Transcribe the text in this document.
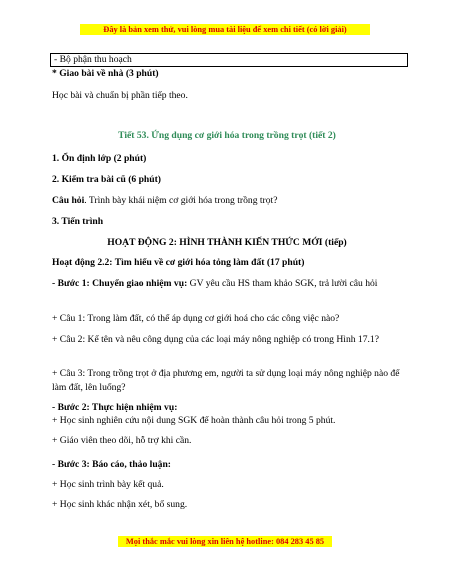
Đây là bản xem thử, vui lòng mua tài liệu để xem chi tiết (có lời giải)
- Bộ phận thu hoạch
* Giao bài về nhà (3 phút)
Học bài và chuẩn bị phần tiếp theo.
Tiết 53. Ứng dụng cơ giới hóa trong trồng trọt (tiết 2)
1. Ổn định lớp (2 phút)
2. Kiểm tra bài cũ (6 phút)
Câu hỏi. Trình bày khái niệm cơ giới hóa trong trồng trọt?
3. Tiến trình
HOẠT ĐỘNG 2: HÌNH THÀNH KIẾN THỨC MỚI (tiếp)
Hoạt động 2.2: Tìm hiểu về cơ giới hóa tỏng làm đất (17 phút)
- Bước 1: Chuyển giao nhiệm vụ: GV yêu cầu HS tham khảo SGK, trả lười câu hỏi
+ Câu 1: Trong làm đất, có thể áp dụng cơ giới hoá cho các công việc nào?
+ Câu 2: Kể tên và nêu công dụng của các loại máy nông nghiệp có trong Hình 17.1?
+ Câu 3: Trong trồng trọt ở địa phương em, người ta sử dụng loại máy nông nghiệp nào để làm đất, lên luống?
- Bước 2: Thực hiện nhiệm vụ:
+ Học sinh nghiên cứu nội dung SGK để hoàn thành câu hỏi trong 5 phút.
+ Giáo viên theo dõi, hỗ trợ khi cần.
- Bước 3: Báo cáo, thảo luận:
+ Học sinh trình bày kết quả.
+ Học sinh khác nhận xét, bổ sung.
Mọi thắc mắc vui lòng xin liên hệ hotline: 084 283 45 85
